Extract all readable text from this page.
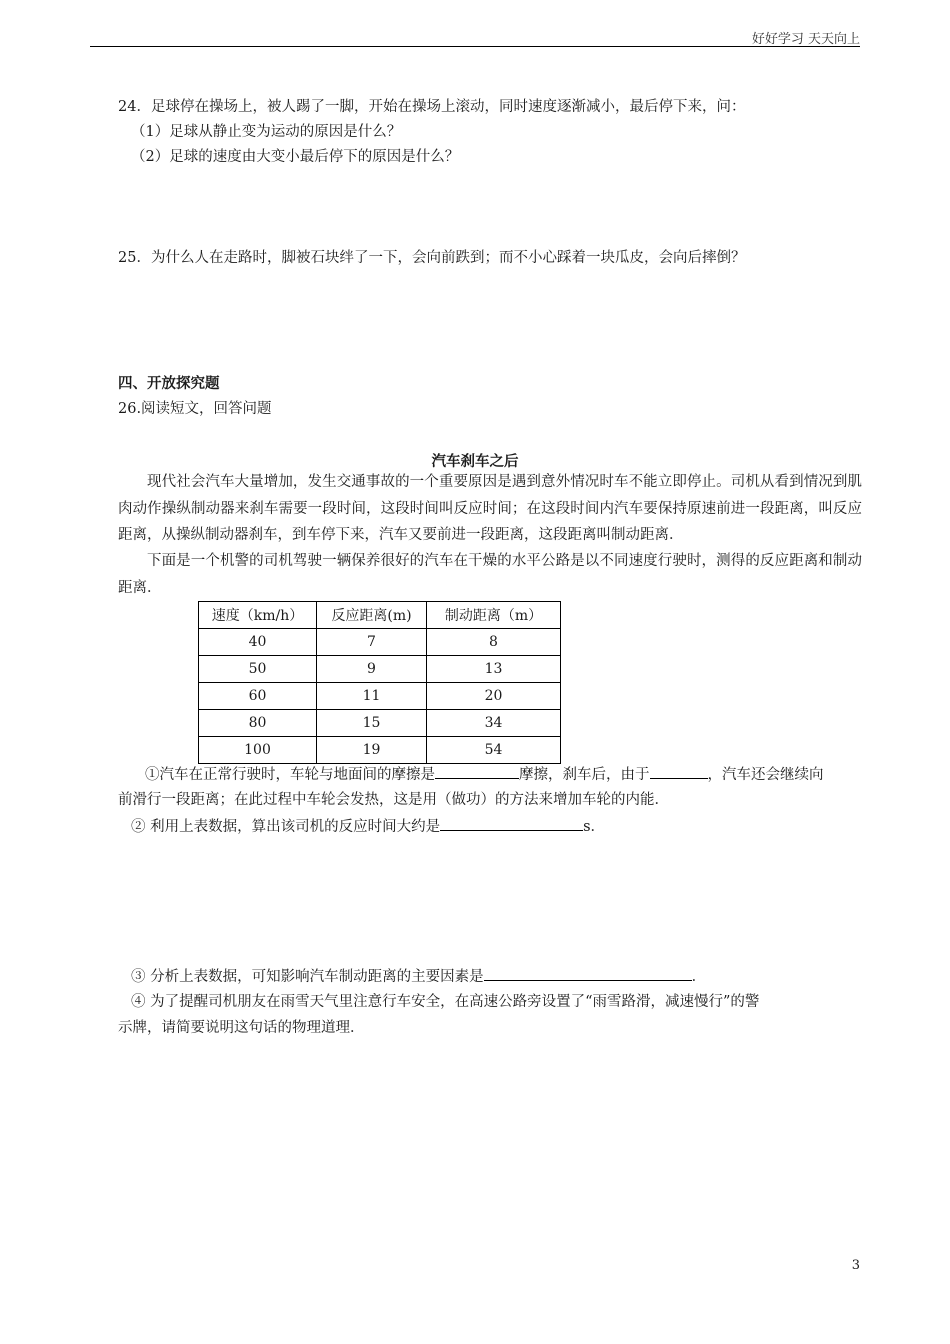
好好学习 天天向上
24．足球停在操场上，被人踢了一脚，开始在操场上滚动，同时速度逐渐减小，最后停下来，问：
（1）足球从静止变为运动的原因是什么？
（2）足球的速度由大变小最后停下的原因是什么？
25．为什么人在走路时，脚被石块绊了一下，会向前跌到；而不小心踩着一块瓜皮，会向后摔倒？
四、开放探究题
26.阅读短文，回答问题
汽车刹车之后
现代社会汽车大量增加，发生交通事故的一个重要原因是遇到意外情况时车不能立即停止。司机从看到情况到肌肉动作操纵制动器来刹车需要一段时间，这段时间叫反应时间；在这段时间内汽车要保持原速前进一段距离，叫反应距离，从操纵制动器刹车，到车停下来，汽车又要前进一段距离，这段距离叫制动距离．
下面是一个机警的司机驾驶一辆保养很好的汽车在干燥的水平公路是以不同速度行驶时，测得的反应距离和制动距离．
速度（km/h）	反应距离(m)	制动距离（m）
40	7	8
50	9	13
60	11	20
80	15	34
100	19	54
①汽车在正常行驶时，车轮与地面间的摩擦是	摩擦，刹车后，由于	，汽车还会继续向
前滑行一段距离；在此过程中车轮会发热，这是用（做功）的方法来增加车轮的内能．
② 利用上表数据，算出该司机的反应时间大约是	s．
③ 分析上表数据，可知影响汽车制动距离的主要因素是	．
④ 为了提醒司机朋友在雨雪天气里注意行车安全，在高速公路旁设置了“雨雪路滑，减速慢行”的警
示牌，请简要说明这句话的物理道理．
3
